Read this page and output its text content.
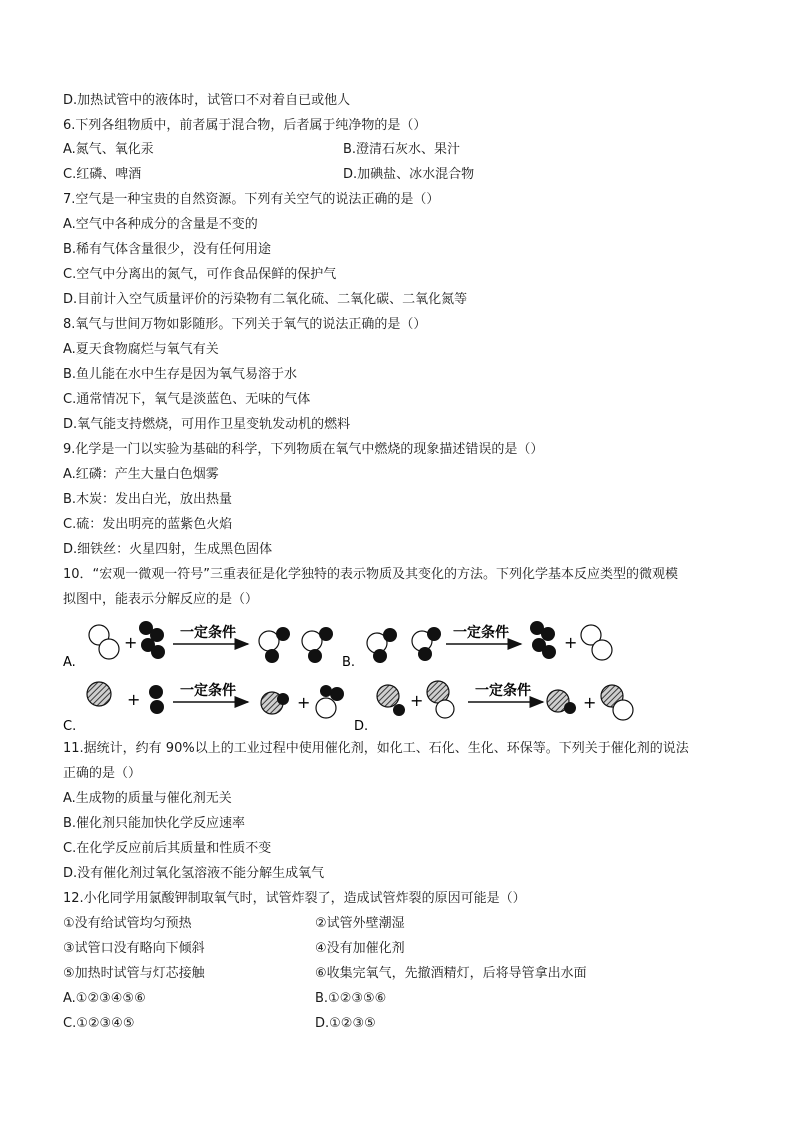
D.加热试管中的液体时，试管口不对着自已或他人
6.下列各组物质中，前者属于混合物，后者属于纯净物的是（）
A.氮气、氧化汞	B.澄清石灰水、果汁
C.红磷、啤酒	D.加碘盐、冰水混合物
7.空气是一种宝贵的自然资源。下列有关空气的说法正确的是（）
A.空气中各种成分的含量是不变的
B.稀有气体含量很少，没有任何用途
C.空气中分离出的氮气，可作食品保鲜的保护气
D.目前计入空气质量评价的污染物有二氧化硫、二氧化碳、二氧化氮等
8.氧气与世间万物如影随形。下列关于氧气的说法正确的是（）
A.夏天食物腐烂与氧气有关
B.鱼儿能在水中生存是因为氧气易溶于水
C.通常情况下，氧气是淡蓝色、无味的气体
D.氧气能支持燃烧，可用作卫星变轨发动机的燃料
9.化学是一门以实验为基础的科学，下列物质在氧气中燃烧的现象描述错误的是（）
A.红磷：产生大量白色烟雾
B.木炭：发出白光，放出热量
C.硫：发出明亮的蓝紫色火焰
D.细铁丝：火星四射，生成黑色固体
10．“宏观一微观一符号”三重表征是化学独特的表示物质及其变化的方法。下列化学基本反应类型的微观模
拟图中，能表示分解反应的是（）
A.
+	一定条件
B.
一定条件	+
C.
+	一定条件
+
D.
+	一定条件
+
11.据统计，约有 90%以上的工业过程中使用催化剂，如化工、石化、生化、环保等。下列关于催化剂的说法
正确的是（）
A.生成物的质量与催化剂无关
B.催化剂只能加快化学反应速率
C.在化学反应前后其质量和性质不变
D.没有催化剂过氧化氢溶液不能分解生成氧气
12.小化同学用氯酸钾制取氧气时，试管炸裂了，造成试管炸裂的原因可能是（）
①没有给试管均匀预热	②试管外壁潮湿
③试管口没有略向下倾斜	④没有加催化剂
⑤加热时试管与灯芯接触	⑥收集完氧气，先撤酒精灯，后将导管拿出水面
A.①②③④⑤⑥	B.①②③⑤⑥
C.①②③④⑤	D.①②③⑤
